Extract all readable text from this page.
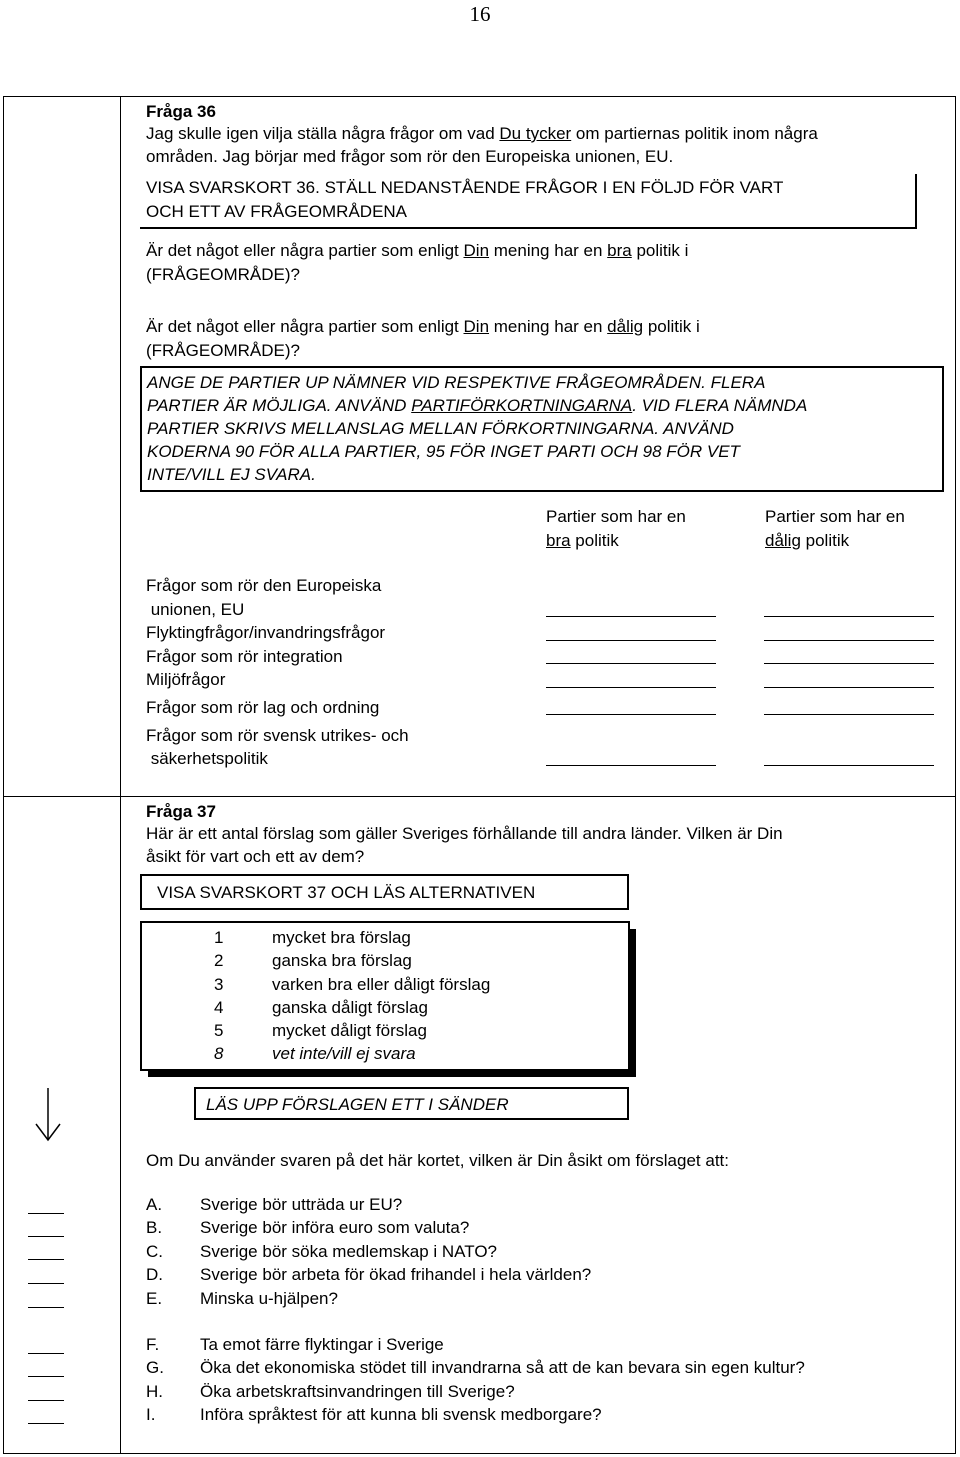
16
Fråga 36
Jag skulle igen vilja ställa några frågor om vad Du tycker om partiernas politik inom några
områden. Jag börjar med frågor som rör den Europeiska unionen, EU.
VISA SVARSKORT 36. STÄLL NEDANSTÅENDE FRÅGOR I EN FÖLJD FÖR VART
OCH ETT AV FRÅGEOMRÅDENA
Är det något eller några partier som enligt Din mening har en bra politik i
(FRÅGEOMRÅDE)?
Är det något eller några partier som enligt Din mening har en dålig politik i
(FRÅGEOMRÅDE)?
ANGE DE PARTIER UP NÄMNER VID RESPEKTIVE FRÅGEOMRÅDEN. FLERA
PARTIER ÄR MÖJLIGA. ANVÄND PARTIFÖRKORTNINGARNA. VID FLERA NÄMNDA
PARTIER SKRIVS MELLANSLAG MELLAN FÖRKORTNINGARNA. ANVÄND
KODERNA 90 FÖR ALLA PARTIER, 95 FÖR INGET PARTI OCH 98 FÖR VET
INTE/VILL EJ SVARA.
Partier som har en
bra politik
Partier som har en
dålig politik
Frågor som rör den Europeiska
unionen, EU
Flyktingfrågor/invandringsfrågor
Frågor som rör integration
Miljöfrågor
Frågor som rör lag och ordning
Frågor som rör svensk utrikes- och
säkerhetspolitik
Fråga 37
Här är ett antal förslag som gäller Sveriges förhållande till andra länder. Vilken är Din
åsikt för vart och ett av dem?
VISA SVARSKORT 37 OCH LÄS ALTERNATIVEN
1	mycket bra förslag
2	ganska bra förslag
3	varken bra eller dåligt förslag
4	ganska dåligt förslag
5	mycket dåligt förslag
8	vet inte/vill ej svara
LÄS UPP FÖRSLAGEN ETT I SÄNDER
Om Du använder svaren på det här kortet, vilken är Din åsikt om förslaget att:
A. Sverige bör utträda ur EU?
B. Sverige bör införa euro som valuta?
C. Sverige bör söka medlemskap i NATO?
D. Sverige bör arbeta för ökad frihandel i hela världen?
E. Minska u-hjälpen?
F. Ta emot färre flyktingar i Sverige
G. Öka det ekonomiska stödet till invandrarna så att de kan bevara sin egen kultur?
H. Öka arbetskraftsinvandringen till Sverige?
I.	Införa språktest för att kunna bli svensk medborgare?
